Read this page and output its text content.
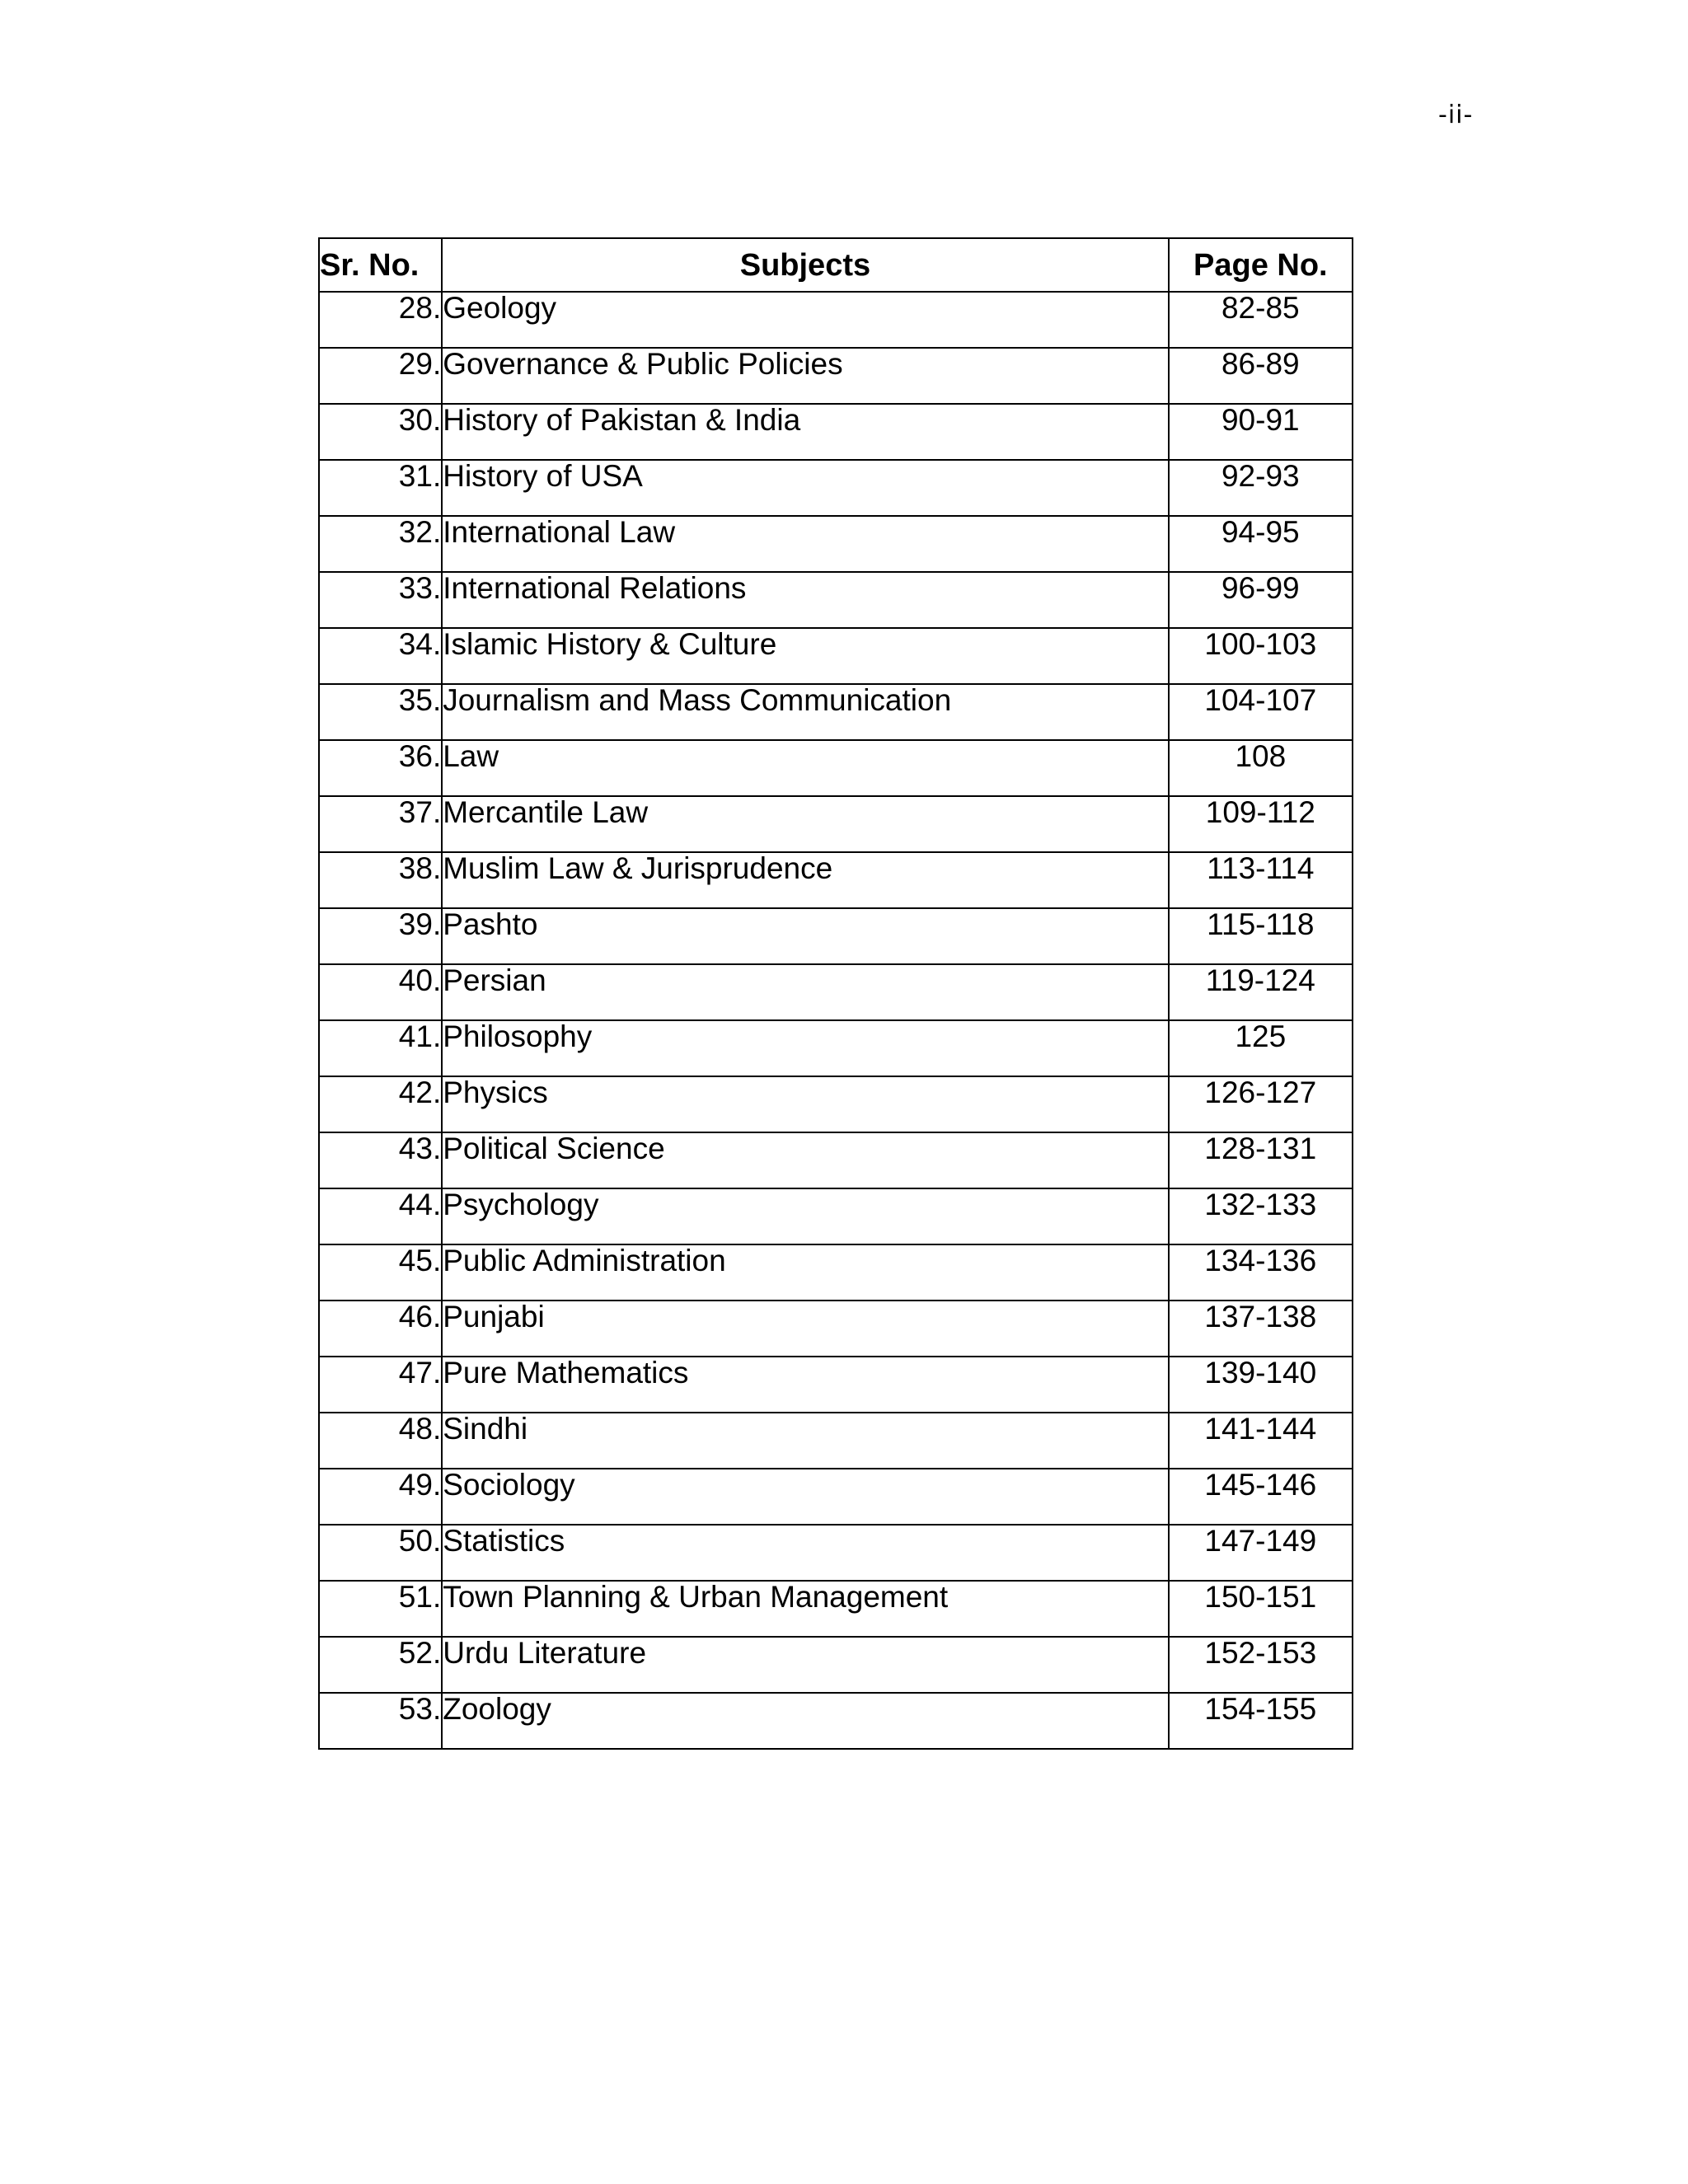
-ii-
Sr. No.	Subjects	Page No.
28.	Geology	82-85
29.	Governance & Public Policies	86-89
30.	History of Pakistan & India	90-91
31.	History of USA	92-93
32.	International Law	94-95
33.	International Relations	96-99
34.	Islamic History & Culture	100-103
35.	Journalism and Mass Communication	104-107
36.	Law	108
37.	Mercantile Law	109-112
38.	Muslim Law & Jurisprudence	113-114
39.	Pashto	115-118
40.	Persian	119-124
41.	Philosophy	125
42.	Physics	126-127
43.	Political Science	128-131
44.	Psychology	132-133
45.	Public Administration	134-136
46.	Punjabi	137-138
47.	Pure Mathematics	139-140
48.	Sindhi	141-144
49.	Sociology	145-146
50.	Statistics	147-149
51.	Town Planning & Urban Management	150-151
52.	Urdu Literature	152-153
53.	Zoology	154-155
